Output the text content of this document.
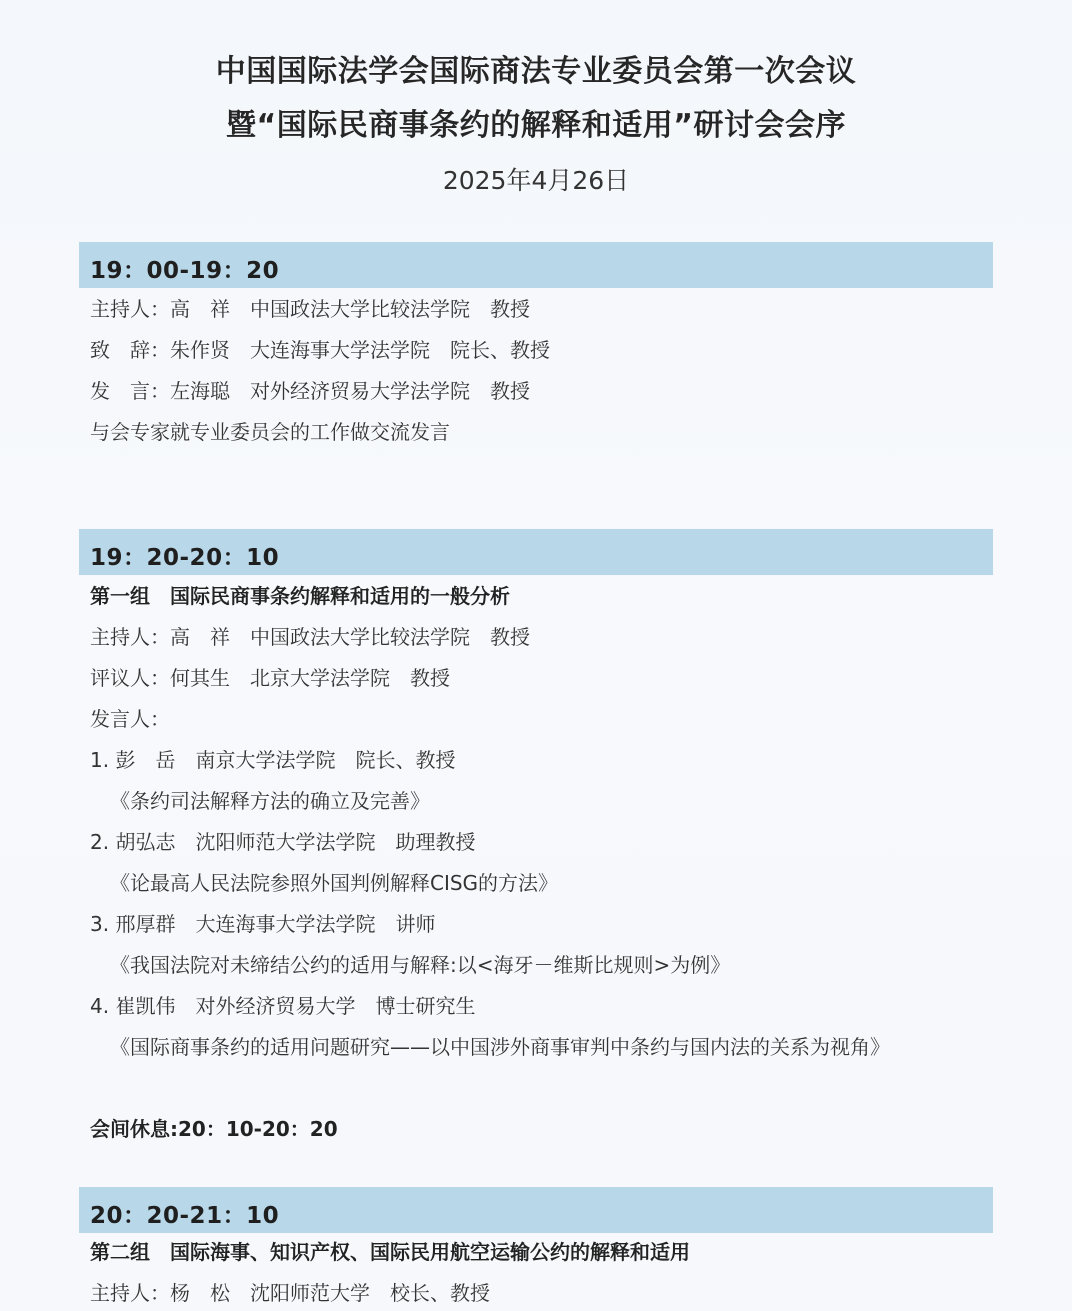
中国国际法学会国际商法专业委员会第一次会议
暨“国际民商事条约的解释和适用”研讨会会序
2025年4月26日
19：00-19：20
主持人：高　祥　中国政法大学比较法学院　教授
致　辞：朱作贤　大连海事大学法学院　院长、教授
发　言：左海聪　对外经济贸易大学法学院　教授
与会专家就专业委员会的工作做交流发言
19：20-20：10
第一组　国际民商事条约解释和适用的一般分析
主持人：高　祥　中国政法大学比较法学院　教授
评议人：何其生　北京大学法学院　教授
发言人：
1. 彭　岳　南京大学法学院　院长、教授
《条约司法解释方法的确立及完善》
2. 胡弘志　沈阳师范大学法学院　助理教授
《论最高人民法院参照外国判例解释CISG的方法》
3. 邢厚群　大连海事大学法学院　讲师
《我国法院对未缔结公约的适用与解释:以<海牙－维斯比规则>为例》
4. 崔凯伟　对外经济贸易大学　博士研究生
《国际商事条约的适用问题研究——以中国涉外商事审判中条约与国内法的关系为视角》
会间休息:20：10-20：20
20：20-21：10
第二组　国际海事、知识产权、国际民用航空运输公约的解释和适用
主持人：杨　松　沈阳师范大学　校长、教授
